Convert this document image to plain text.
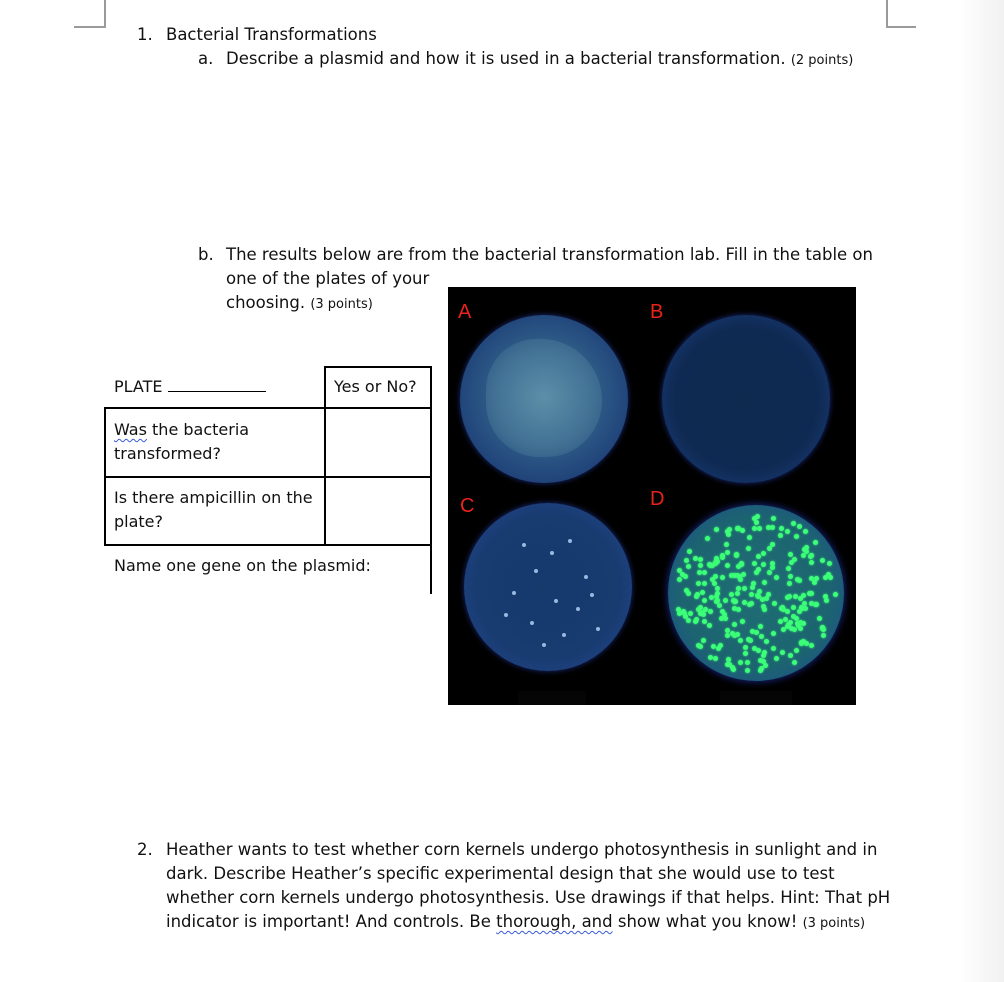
1. Bacterial Transformations
a. Describe a plasmid and how it is used in a bacterial transformation. (2 points)
b. The results below are from the bacterial transformation lab. Fill in the table on
one of the plates of your
choosing. (3 points)
PLATE	Yes or No?
Was the bacteria
transformed?
Is there ampicillin on the
plate?
Name one gene on the plasmid:
A	B
C	D
2. Heather wants to test whether corn kernels undergo photosynthesis in sunlight and in
dark. Describe Heather’s specific experimental design that she would use to test
whether corn kernels undergo photosynthesis. Use drawings if that helps. Hint: That pH
indicator is important! And controls. Be thorough, and show what you know! (3 points)
